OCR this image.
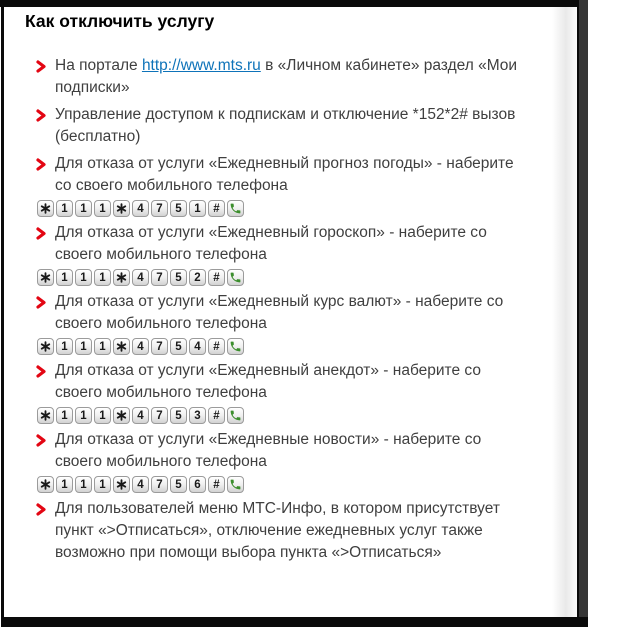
Как отключить услугу
На портале http://www.mts.ru в «Личном кабинете» раздел «Мои подписки»
Управление доступом к подпискам и отключение *152*2# вызов (бесплатно)
Для отказа от услуги «Ежедневный прогноз погоды» - наберите со своего мобильного телефона
1	1	1	4	7	5	1	#
Для отказа от услуги «Ежедневный гороскоп» - наберите со своего мобильного телефона
1	1	1	4	7	5	2	#
Для отказа от услуги «Ежедневный курс валют» - наберите со своего мобильного телефона
1	1	1	4	7	5	4	#
Для отказа от услуги «Ежедневный анекдот» - наберите со своего мобильного телефона
1	1	1	4	7	5	3	#
Для отказа от услуги «Ежедневные новости» - наберите со своего мобильного телефона
1	1	1	4	7	5	6	#
Для пользователей меню МТС-Инфо, в котором присутствует пункт «>Отписаться», отключение ежедневных услуг также возможно при помощи выбора пункта «>Отписаться»
